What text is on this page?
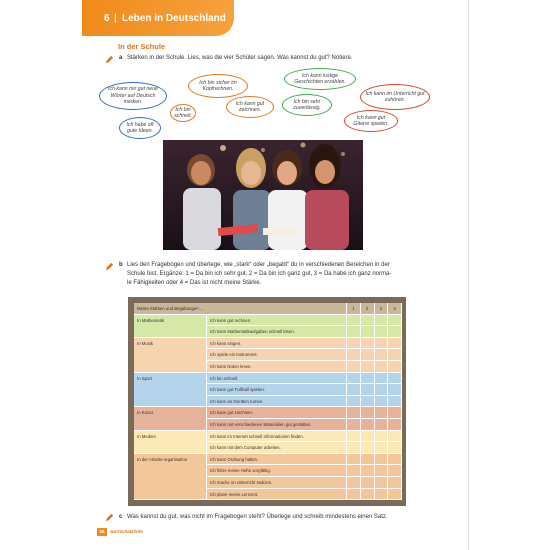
6 | Leben in Deutschland
In der Schule
a Stärken in der Schule. Lies, was die vier Schüler sagen. Was kannst du gut? Notiere.
Ich kann mir gut neue Wörter auf Deutsch merken.
Ich bin schnell.
Ich habe oft gute Ideen.
Ich bin sicher im Kopfrechnen.
Ich kann gut zeichnen.
Ich kann lustige Geschichten erzählen.
Ich bin sehr zuverlässig.
Ich kann im Unterricht gut zuhören.
Ich kann gut Gitarre spielen.
b Lies den Fragebogen und überlege, wie „stark“ oder „begabt“ du in verschiedenen Bereichen in der
Schule bist. Ergänze: 1 = Da bin ich sehr gut, 2 = Da bin ich ganz gut, 3 = Da habe ich ganz norma-
le Fähigkeiten oder 4 = Das ist nicht meine Stärke.
Meine Stärken und Begabungen …	1	2	3	4
In Mathematik	Ich kann gut rechnen.
Ich kann Mathematikaufgaben schnell lösen.
In Musik	Ich kann singen.
Ich spiele ein Instrument.
Ich kann Noten lesen.
In Sport	Ich bin schnell.
Ich kann gut Fußball spielen.
Ich kann an Geräten turnen.
In Kunst	Ich kann gut zeichnen.
Ich kann mit verschiedenen Materialien gut gestalten.
In Medien	Ich kann im Internet schnell Informationen finden.
Ich kann mit dem Computer arbeiten.
In der Arbeits-organisation	Ich kann Ordnung halten.
Ich führe meine Hefte sorgfältig.
Ich mache im Unterricht Notizen.
Ich plane meine Lernzeit.
c Was kannst du gut, was nicht im Fragebogen steht? Überlege und schreib mindestens einen Satz.
26	wortschatz/info
